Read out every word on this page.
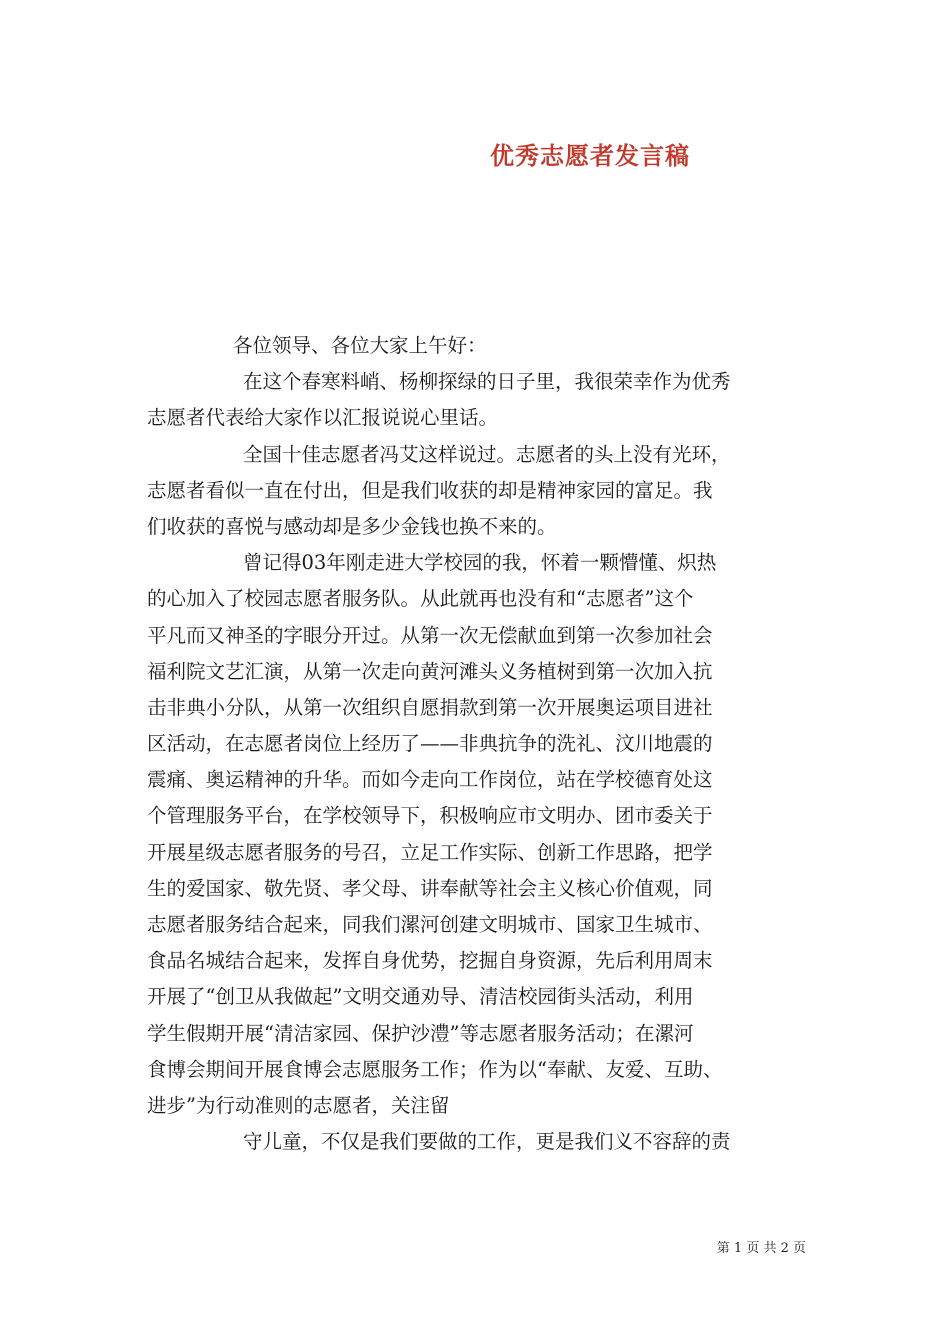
优秀志愿者发言稿
各位领导、各位大家上午好：
在这个春寒料峭、杨柳探绿的日子里，我很荣幸作为优秀
志愿者代表给大家作以汇报说说心里话。
全国十佳志愿者冯艾这样说过。志愿者的头上没有光环，
志愿者看似一直在付出，但是我们收获的却是精神家园的富足。我
们收获的喜悦与感动却是多少金钱也换不来的。
曾记得03年刚走进大学校园的我，怀着一颗懵懂、炽热
的心加入了校园志愿者服务队。从此就再也没有和“志愿者”这个
平凡而又神圣的字眼分开过。从第一次无偿献血到第一次参加社会
福利院文艺汇演，从第一次走向黄河滩头义务植树到第一次加入抗
击非典小分队，从第一次组织自愿捐款到第一次开展奥运项目进社
区活动，在志愿者岗位上经历了——非典抗争的洗礼、汶川地震的
震痛、奥运精神的升华。而如今走向工作岗位，站在学校德育处这
个管理服务平台，在学校领导下，积极响应市文明办、团市委关于
开展星级志愿者服务的号召，立足工作实际、创新工作思路，把学
生的爱国家、敬先贤、孝父母、讲奉献等社会主义核心价值观，同
志愿者服务结合起来，同我们漯河创建文明城市、国家卫生城市、
食品名城结合起来，发挥自身优势，挖掘自身资源，先后利用周末
开展了“创卫从我做起”文明交通劝导、清洁校园街头活动，利用
学生假期开展“清洁家园、保护沙澧”等志愿者服务活动；在漯河
食博会期间开展食博会志愿服务工作；作为以“奉献、友爱、互助、
进步”为行动准则的志愿者，关注留
守儿童，不仅是我们要做的工作，更是我们义不容辞的责
第 1 页 共 2 页
